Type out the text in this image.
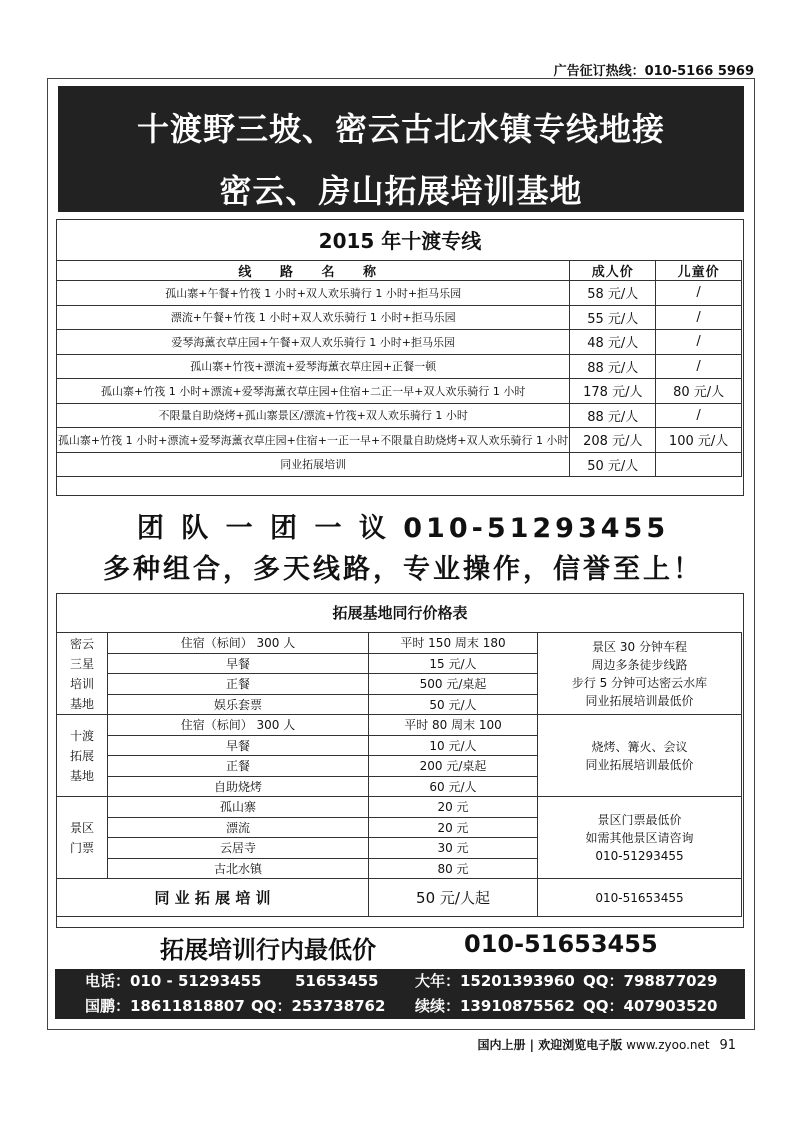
广告征订热线：010-5166 5969
十渡野三坡、密云古北水镇专线地接
密云、房山拓展培训基地
2015 年十渡专线
线 路 名 称	成人价	儿童价
孤山寨+午餐+竹筏 1 小时+双人欢乐骑行 1 小时+拒马乐园	58 元/人	/
漂流+午餐+竹筏 1 小时+双人欢乐骑行 1 小时+拒马乐园	55 元/人	/
爱琴海薰衣草庄园+午餐+双人欢乐骑行 1 小时+拒马乐园	48 元/人	/
孤山寨+竹筏+漂流+爱琴海薰衣草庄园+正餐一顿	88 元/人	/
孤山寨+竹筏 1 小时+漂流+爱琴海薰衣草庄园+住宿+二正一早+双人欢乐骑行 1 小时	178 元/人	80 元/人
不限量自助烧烤+孤山寨景区/漂流+竹筏+双人欢乐骑行 1 小时	88 元/人	/
孤山寨+竹筏 1 小时+漂流+爱琴海薰衣草庄园+住宿+一正一早+不限量自助烧烤+双人欢乐骑行 1 小时	208 元/人	100 元/人
同业拓展培训	50 元/人	
团 队 一 团 一 议 010-51293455
多种组合，多天线路，专业操作，信誉至上！
拓展基地同行价格表
密云
三星
培训
基地	住宿（标间） 300 人	平时 150 周末 180	景区 30 分钟车程
周边多条徒步线路
步行 5 分钟可达密云水库
同业拓展培训最低价
	早餐	15 元/人	
	正餐	500 元/桌起	
	娱乐套票	50 元/人	
十渡
拓展
基地	住宿（标间） 300 人	平时 80 周末 100	烧烤、篝火、会议
同业拓展培训最低价
	早餐	10 元/人	
	正餐	200 元/桌起	
	自助烧烤	60 元/人	
景区
门票	孤山寨	20 元	景区门票最低价
如需其他景区请咨询
010-51293455
	漂流	20 元	
	云居寺	30 元	
	古北水镇	80 元	
同 业 拓 展 培 训		50 元/人起	010-51653455
拓展培训行内最低价	010-51653455
电话：010 - 51293455 51653455 大年：15201393960 QQ：798877029
国鹏：18611818807 QQ：253738762 续续：13910875562 QQ：407903520
国内上册 | 欢迎浏览电子版 www.zyoo.net 91
